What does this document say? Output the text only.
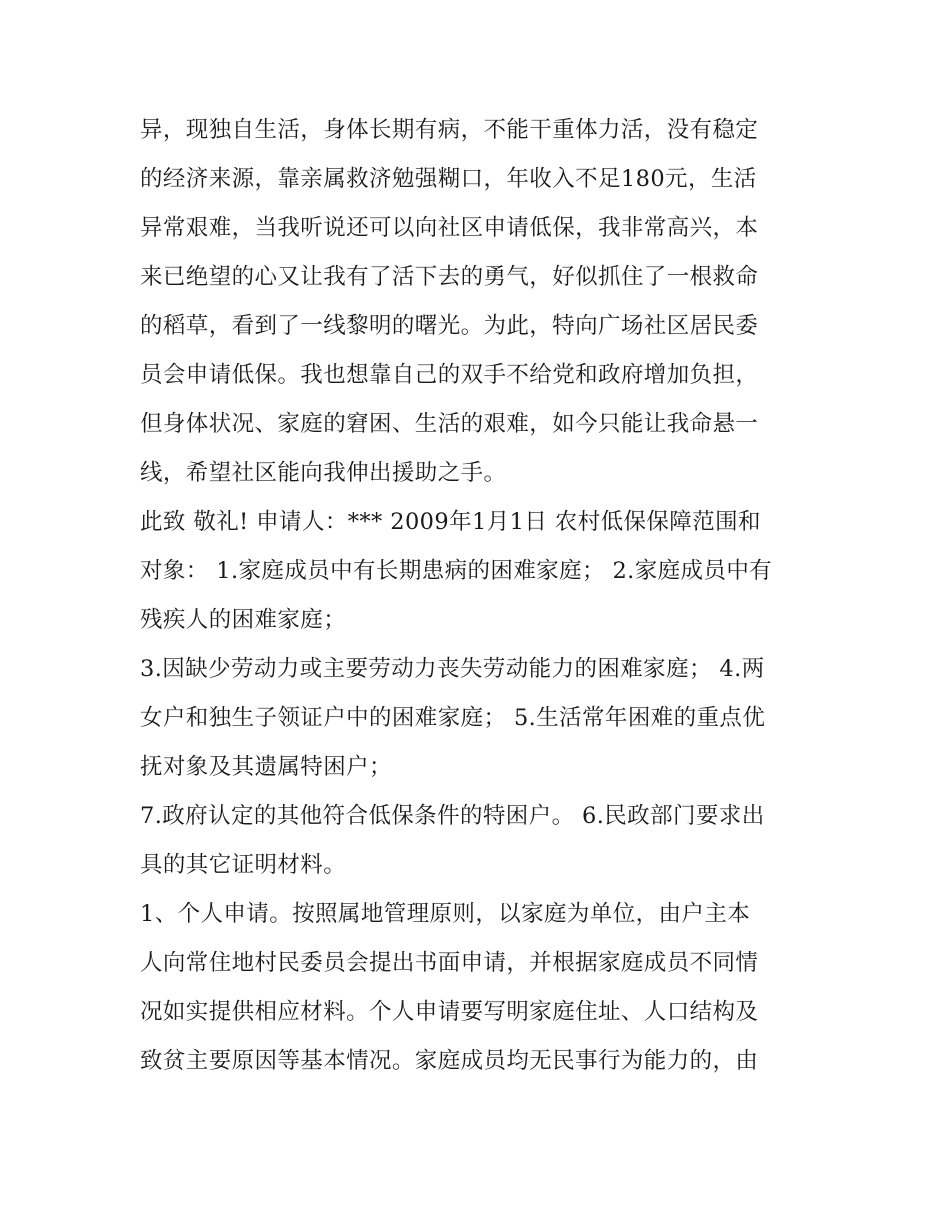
异，现独自生活，身体长期有病，不能干重体力活，没有稳定
的经济来源，靠亲属救济勉强糊口，年收入不足180元，生活
异常艰难，当我听说还可以向社区申请低保，我非常高兴，本
来已绝望的心又让我有了活下去的勇气，好似抓住了一根救命
的稻草，看到了一线黎明的曙光。为此，特向广场社区居民委
员会申请低保。我也想靠自己的双手不给党和政府增加负担，
但身体状况、家庭的窘困、生活的艰难，如今只能让我命悬一
线，希望社区能向我伸出援助之手。

此致 敬礼! 申请人：*** 2009年1月1日 农村低保保障范围和
对象： 1.家庭成员中有长期患病的困难家庭； 2.家庭成员中有
残疾人的困难家庭；

3.因缺少劳动力或主要劳动力丧失劳动能力的困难家庭； 4.两
女户和独生子领证户中的困难家庭； 5.生活常年困难的重点优
抚对象及其遗属特困户；

7.政府认定的其他符合低保条件的特困户。 6.民政部门要求出
具的其它证明材料。

1、个人申请。按照属地管理原则，以家庭为单位，由户主本
人向常住地村民委员会提出书面申请，并根据家庭成员不同情
况如实提供相应材料。个人申请要写明家庭住址、人口结构及
致贫主要原因等基本情况。家庭成员均无民事行为能力的，由
